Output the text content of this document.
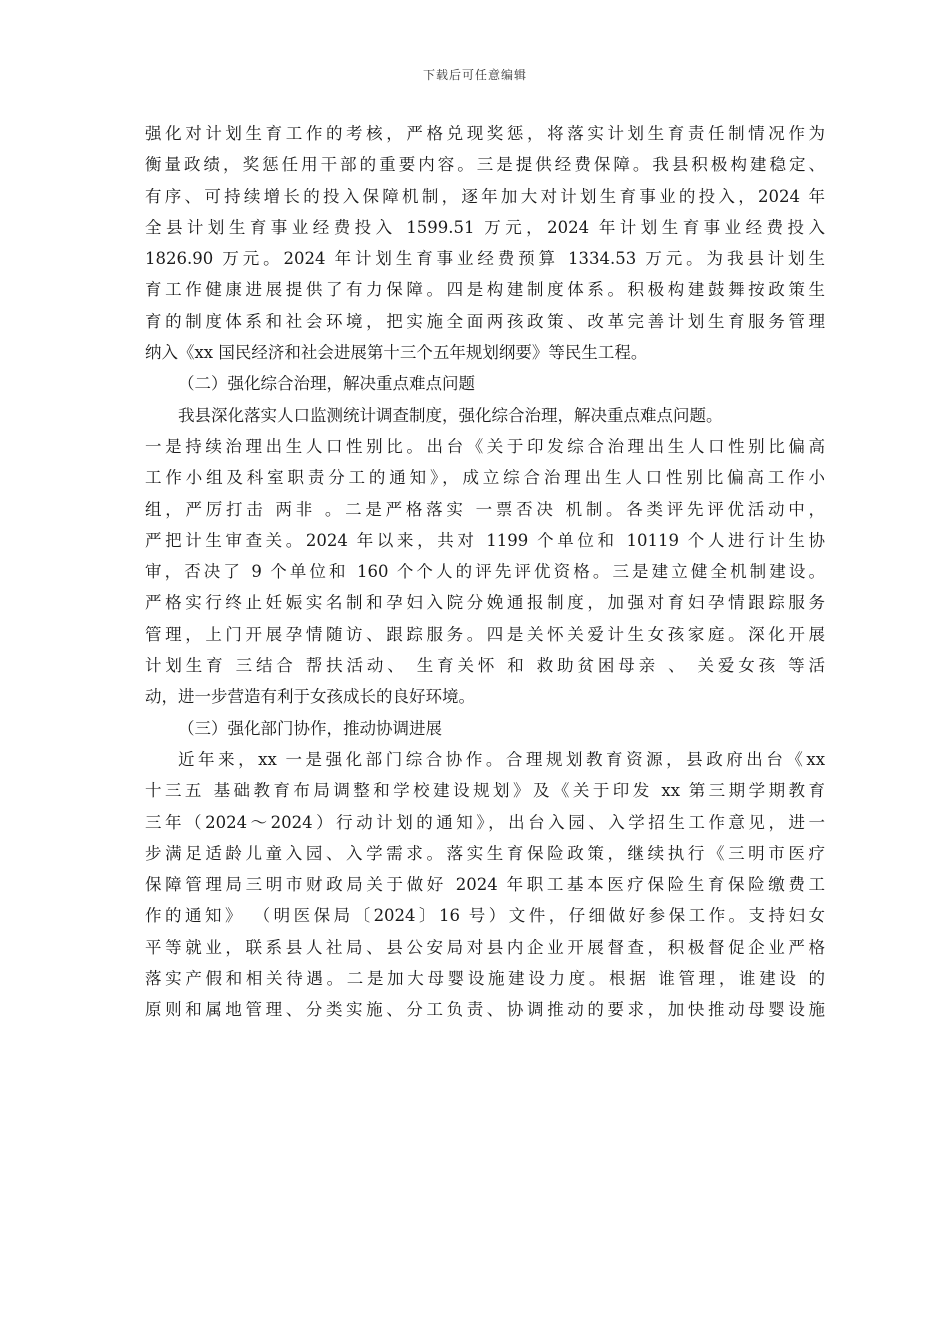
下载后可任意编辑
强化对计划生育工作的考核，严格兑现奖惩，将落实计划生育责任制情况作为
衡量政绩，奖惩任用干部的重要内容。三是提供经费保障。我县积极构建稳定、
有序、可持续增长的投入保障机制，逐年加大对计划生育事业的投入，2024 年
全县计划生育事业经费投入 1599.51 万元，2024 年计划生育事业经费投入
1826.90 万元。2024 年计划生育事业经费预算 1334.53 万元。为我县计划生
育工作健康进展提供了有力保障。四是构建制度体系。积极构建鼓舞按政策生
育的制度体系和社会环境，把实施全面两孩政策、改革完善计划生育服务管理
纳入《xx 国民经济和社会进展第十三个五年规划纲要》等民生工程。
（二）强化综合治理，解决重点难点问题
我县深化落实人口监测统计调查制度，强化综合治理，解决重点难点问题。
一是持续治理出生人口性别比。出台《关于印发综合治理出生人口性别比偏高
工作小组及科室职责分工的通知》，成立综合治理出生人口性别比偏高工作小
组，严厉打击 两非 。二是严格落实 一票否决 机制。各类评先评优活动中，
严把计生审查关。2024 年以来，共对 1199 个单位和 10119 个人进行计生协
审，否决了 9 个单位和 160 个个人的评先评优资格。三是建立健全机制建设。
严格实行终止妊娠实名制和孕妇入院分娩通报制度，加强对育妇孕情跟踪服务
管理，上门开展孕情随访、跟踪服务。四是关怀关爱计生女孩家庭。深化开展
计划生育 三结合 帮扶活动、 生育关怀 和 救助贫困母亲 、 关爱女孩 等活
动，进一步营造有利于女孩成长的良好环境。
（三）强化部门协作，推动协调进展
近年来，xx 一是强化部门综合协作。合理规划教育资源，县政府出台《xx
十三五 基础教育布局调整和学校建设规划》及《关于印发 xx 第三期学期教育
三年（2024～2024）行动计划的通知》，出台入园、入学招生工作意见，进一
步满足适龄儿童入园、入学需求。落实生育保险政策，继续执行《三明市医疗
保障管理局三明市财政局关于做好 2024 年职工基本医疗保险生育保险缴费工
作的通知》 （明医保局〔2024〕16 号）文件，仔细做好参保工作。支持妇女
平等就业，联系县人社局、县公安局对县内企业开展督查，积极督促企业严格
落实产假和相关待遇。二是加大母婴设施建设力度。根据 谁管理，谁建设 的
原则和属地管理、分类实施、分工负责、协调推动的要求，加快推动母婴设施
